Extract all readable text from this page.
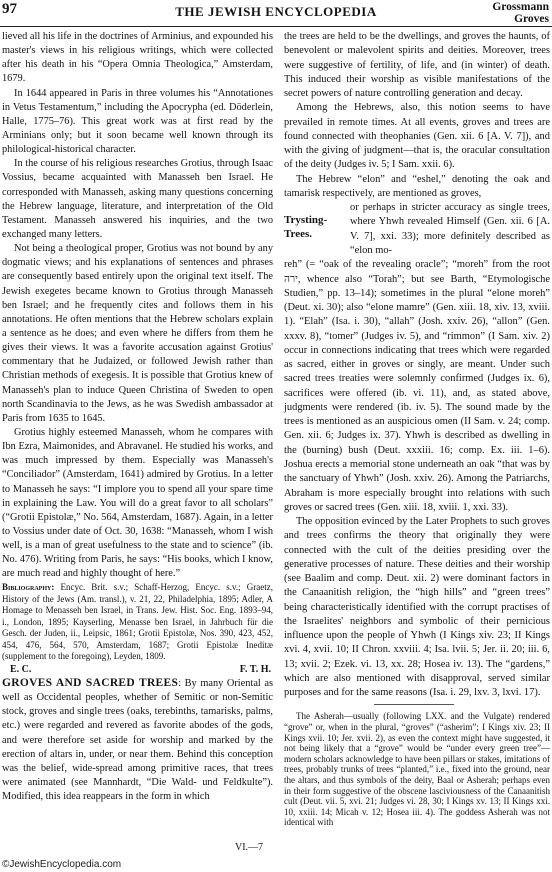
97	THE JEWISH ENCYCLOPEDIA	Grossmann
Groves

lieved all his life in the doctrines of Arminius, and expounded his master's views in his religious writings, which were collected after his death in his “Opera Omnia Theologica,” Amsterdam, 1679.

In 1644 appeared in Paris in three volumes his “Annotationes in Vetus Testamentum,” including the Apocrypha (ed. Döderlein, Halle, 1775–76). This great work was at first read by the Arminians only; but it soon became well known through its philological-historical character.

In the course of his religious researches Grotius, through Isaac Vossius, became acquainted with Manasseh ben Israel. He corresponded with Manasseh, asking many questions concerning the Hebrew language, literature, and interpretation of the Old Testament. Manasseh answered his inquiries, and the two exchanged many letters.

Not being a theological proper, Grotius was not bound by any dogmatic views; and his explanations of sentences and phrases are consequently based entirely upon the original text itself. The Jewish exegetes became known to Grotius through Manasseh ben Israel; and he frequently cites and follows them in his annotations. He often mentions that the Hebrew scholars explain a sentence as he does; and even where he differs from them he gives their views. It was a favorite accusation against Grotius' commentary that he Judaized, or followed Jewish rather than Christian methods of exegesis. It is possible that Grotius knew of Manasseh's plan to induce Queen Christina of Sweden to open north Scandinavia to the Jews, as he was Swedish ambassador at Paris from 1635 to 1645.

Grotius highly esteemed Manasseh, whom he compares with Ibn Ezra, Maimonides, and Abravanel. He studied his works, and was much impressed by them. Especially was Manasseh's “Conciliador” (Amsterdam, 1641) admired by Grotius. In a letter to Manasseh he says: “I implore you to spend all your spare time in explaining the Law. You will do a great favor to all scholars” (“Grotii Epistolæ,” No. 564, Amsterdam, 1687). Again, in a letter to Vossius under date of Oct. 30, 1638: “Manasseh, whom I wish well, is a man of great usefulness to the state and to science” (ib. No. 476). Writing from Paris, he says: “His books, which I know, are much read and highly thought of here.”

Bibliography: Encyc. Brit. s.v.; Schaff-Herzog, Encyc. s.v.; Graetz, History of the Jews (Am. transl.), v. 21, 22, Philadelphia, 1895; Adler, A Homage to Menasseh ben Israel, in Trans. Jew. Hist. Soc. Eng. 1893–94, i., London, 1895; Kayserling, Menasse ben Israel, in Jahrbuch für die Gesch. der Juden, ii., Leipsic, 1861; Grotii Epistolæ, Nos. 390, 423, 452, 454, 476, 564, 570, Amsterdam, 1687; Grotii Epistolæ Ineditæ (supplement to the foregoing), Leyden, 1809.

E. C.	F. T. H.

GROVES AND SACRED TREES: By many Oriental as well as Occidental peoples, whether of Semitic or non-Semitic stock, groves and single trees (oaks, terebinths, tamarisks, palms, etc.) were regarded and revered as favorite abodes of the gods, and were therefore set aside for worship and marked by the erection of altars in, under, or near them. Behind this conception was the belief, wide-spread among primitive races, that trees were animated (see Mannhardt, “Die Wald- und Feldkulte”). Modified, this idea reappears in the form in which

the trees are held to be the dwellings, and groves the haunts, of benevolent or malevolent spirits and deities. Moreover, trees were suggestive of fertility, of life, and (in winter) of death. This induced their worship as visible manifestations of the secret powers of nature controlling generation and decay.

Among the Hebrews, also, this notion seems to have prevailed in remote times. At all events, groves and trees are found connected with theophanies (Gen. xii. 6 [A. V. 7]), and with the giving of judgment—that is, the oracular consultation of the deity (Judges iv. 5; I Sam. xxii. 6).

The Hebrew “elon” and “eshel,” denoting the oak and tamarisk respectively, are mentioned as groves,

Trysting-Trees.

or perhaps in stricter accuracy as single trees, where Yhwh revealed Himself (Gen. xii. 6 [A. V. 7], xxi. 33); more definitely described as “elon mo-

reh” (= “oak of the revealing oracle”; “moreh” from the root ירה, whence also “Torah”; but see Barth, “Etymologische Studien,” pp. 13–14); sometimes in the plural “elone moreh” (Deut. xi. 30); also “elone mamre” (Gen. xiii. 18, xiv. 13, xviii. 1). “Elah” (Isa. i. 30), “allah” (Josh. xxiv. 26), “allon” (Gen. xxxv. 8), “tomer” (Judges iv. 5), and “rimmon” (I Sam. xiv. 2) occur in connections indicating that trees which were regarded as sacred, either in groves or singly, are meant. Under such sacred trees treaties were solemnly confirmed (Judges ix. 6), sacrifices were offered (ib. vi. 11), and, as stated above, judgments were rendered (ib. iv. 5). The sound made by the trees is mentioned as an auspicious omen (II Sam. v. 24; comp. Gen. xii. 6; Judges ix. 37). Yhwh is described as dwelling in the (burning) bush (Deut. xxxiii. 16; comp. Ex. iii. 1–6). Joshua erects a memorial stone underneath an oak “that was by the sanctuary of Yhwh” (Josh. xxiv. 26). Among the Patriarchs, Abraham is more especially brought into relations with such groves or sacred trees (Gen. xiii. 18, xviii. 1, xxi. 33).

The opposition evinced by the Later Prophets to such groves and trees confirms the theory that originally they were connected with the cult of the deities presiding over the generative processes of nature. These deities and their worship (see Baalim and comp. Deut. xii. 2) were dominant factors in the Canaanitish religion, the “high hills” and “green trees” being characteristically identified with the corrupt practises of the Israelites' neighbors and symbolic of their pernicious influence upon the people of Yhwh (I Kings xiv. 23; II Kings xvi. 4, xvii. 10; II Chron. xxviii. 4; Isa. lvii. 5; Jer. ii. 20; iii. 6, 13; xvii. 2; Ezek. vi. 13, xx. 28; Hosea iv. 13). The “gardens,” which are also mentioned with disapproval, served similar purposes and for the same reasons (Isa. i. 29, lxv. 3, lxvi. 17).

The Asherah—usually (following LXX. and the Vulgate) rendered “grove” or, when in the plural, “groves” (“asherim”; I Kings xiv. 23; II Kings xvii. 10; Jer. xvii. 2), as even the context might have suggested, it not being likely that a “grove” would be “under every green tree”—modern scholars acknowledge to have been pillars or stakes, imitations of trees, probably trunks of trees “planted,” i.e., fixed into the ground, near the altars, and thus symbols of the deity, Baal or Asherah; perhaps even in their form suggestive of the obscene lasciviousness of the Canaanitish cult (Deut. vii. 5, xvi. 21; Judges vi. 28, 30; I Kings xv. 13; II Kings xxi. 10, xxiii. 14; Micah v. 12; Hosea iii. 4). The goddess Asherah was not identical with

VI.—7
©JewishEncyclopedia.com
